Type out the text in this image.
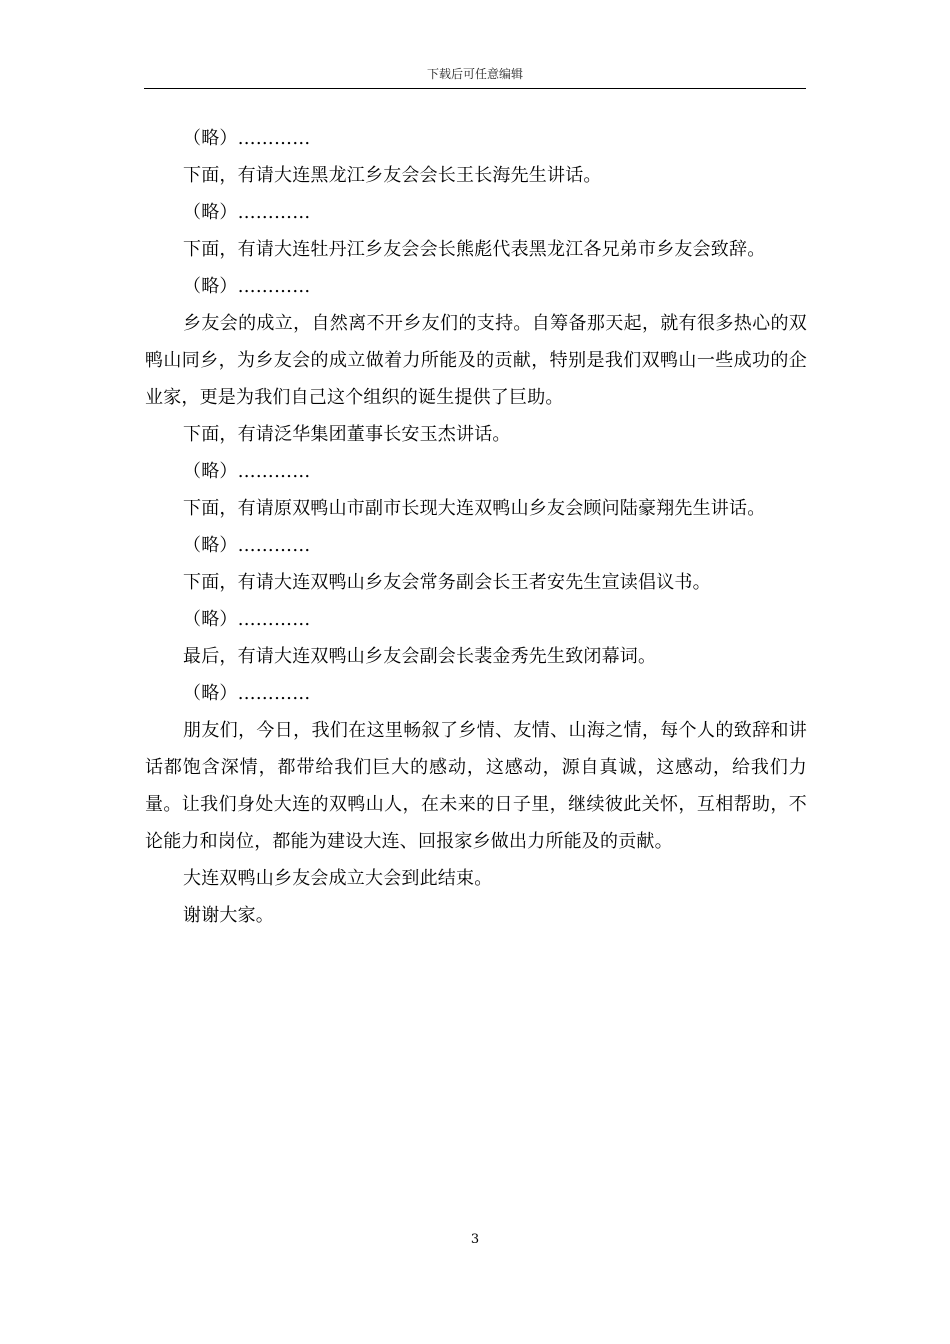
下载后可任意编辑

（略）…………

下面，有请大连黑龙江乡友会会长王长海先生讲话。

（略）…………

下面，有请大连牡丹江乡友会会长熊彪代表黑龙江各兄弟市乡友会致辞。

（略）…………

乡友会的成立，自然离不开乡友们的支持。自筹备那天起，就有很多热心的双鸭山同乡，为乡友会的成立做着力所能及的贡献，特别是我们双鸭山一些成功的企业家，更是为我们自己这个组织的诞生提供了巨助。

下面，有请泛华集团董事长安玉杰讲话。

（略）…………

下面，有请原双鸭山市副市长现大连双鸭山乡友会顾问陆豪翔先生讲话。

（略）…………

下面，有请大连双鸭山乡友会常务副会长王者安先生宣读倡议书。

（略）…………

最后，有请大连双鸭山乡友会副会长裴金秀先生致闭幕词。

（略）…………

朋友们，今日，我们在这里畅叙了乡情、友情、山海之情，每个人的致辞和讲话都饱含深情，都带给我们巨大的感动，这感动，源自真诚，这感动，给我们力量。让我们身处大连的双鸭山人，在未来的日子里，继续彼此关怀，互相帮助，不论能力和岗位，都能为建设大连、回报家乡做出力所能及的贡献。

大连双鸭山乡友会成立大会到此结束。

谢谢大家。

3
